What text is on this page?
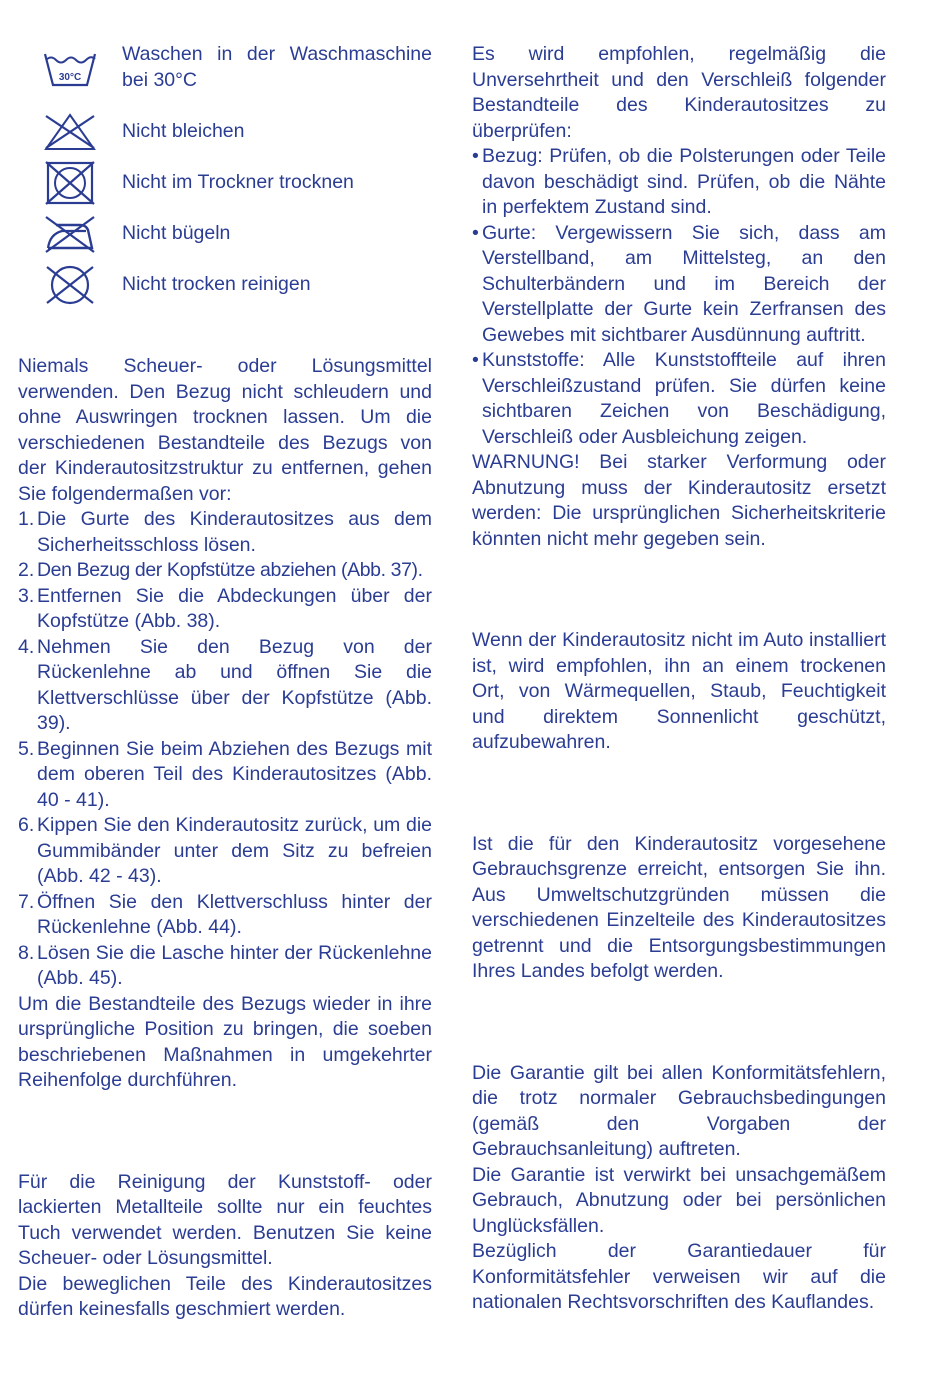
30°C

Waschen in der Waschmaschine bei 30°C

Nicht bleichen
Nicht im Trockner trocknen
Nicht bügeln
Nicht trocken reinigen

Niemals Scheuer- oder Lösungsmittel verwenden. Den Bezug nicht schleudern und ohne Auswringen trocknen lassen. Um die verschiedenen Bestandteile des Bezugs von der Kinderautositzstruktur zu entfernen, gehen Sie folgendermaßen vor:

1. Die Gurte des Kinderautositzes aus dem Sicherheitsschloss lösen.
2. Den Bezug der Kopfstütze abziehen (Abb. 37).
3. Entfernen Sie die Abdeckungen über der Kopfstütze (Abb. 38).
4. Nehmen Sie den Bezug von der Rückenlehne ab und öffnen Sie die Klettverschlüsse über der Kopfstütze (Abb. 39).
5. Beginnen Sie beim Abziehen des Bezugs mit dem oberen Teil des Kinderautositzes (Abb. 40 - 41).
6. Kippen Sie den Kinderautositz zurück, um die Gummibänder unter dem Sitz zu befreien (Abb. 42 - 43).
7. Öffnen Sie den Klettverschluss hinter der Rückenlehne (Abb. 44).
8. Lösen Sie die Lasche hinter der Rückenlehne (Abb. 45).

Um die Bestandteile des Bezugs wieder in ihre ursprüngliche Position zu bringen, die soeben beschriebenen Maßnahmen in umgekehrter Reihenfolge durchführen.

Für die Reinigung der Kunststoff- oder lackierten Metallteile sollte nur ein feuchtes Tuch verwendet werden. Benutzen Sie keine Scheuer- oder Lösungsmittel.

Die beweglichen Teile des Kinderautositzes dürfen keinesfalls geschmiert werden.

Es wird empfohlen, regelmäßig die Unversehrtheit und den Verschleiß folgender Bestandteile des Kinderautositzes zu überprüfen:

• Bezug: Prüfen, ob die Polsterungen oder Teile davon beschädigt sind. Prüfen, ob die Nähte in perfektem Zustand sind.
• Gurte: Vergewissern Sie sich, dass am Verstellband, am Mittelsteg, an den Schulterbändern und im Bereich der Verstellplatte der Gurte kein Zerfransen des Gewebes mit sichtbarer Ausdünnung auftritt.
• Kunststoffe: Alle Kunststoffteile auf ihren Verschleißzustand prüfen. Sie dürfen keine sichtbaren Zeichen von Beschädigung, Verschleiß oder Ausbleichung zeigen.

WARNUNG! Bei starker Verformung oder Abnutzung muss der Kinderautositz ersetzt werden: Die ursprünglichen Sicherheitskriterie könnten nicht mehr gegeben sein.

Wenn der Kinderautositz nicht im Auto installiert ist, wird empfohlen, ihn an einem trockenen Ort, von Wärmequellen, Staub, Feuchtigkeit und direktem Sonnenlicht geschützt, aufzubewahren.

Ist die für den Kinderautositz vorgesehene Gebrauchsgrenze erreicht, entsorgen Sie ihn. Aus Umweltschutzgründen müssen die verschiedenen Einzelteile des Kinderautositzes getrennt und die Entsorgungsbestimmungen Ihres Landes befolgt werden.

Die Garantie gilt bei allen Konformitätsfehlern, die trotz normaler Gebrauchsbedingungen (gemäß den Vorgaben der Gebrauchsanleitung) auftreten.

Die Garantie ist verwirkt bei unsachgemäßem Gebrauch, Abnutzung oder bei persönlichen Unglücksfällen.

Bezüglich der Garantiedauer für Konformitätsfehler verweisen wir auf die nationalen Rechtsvorschriften des Kauflandes.
